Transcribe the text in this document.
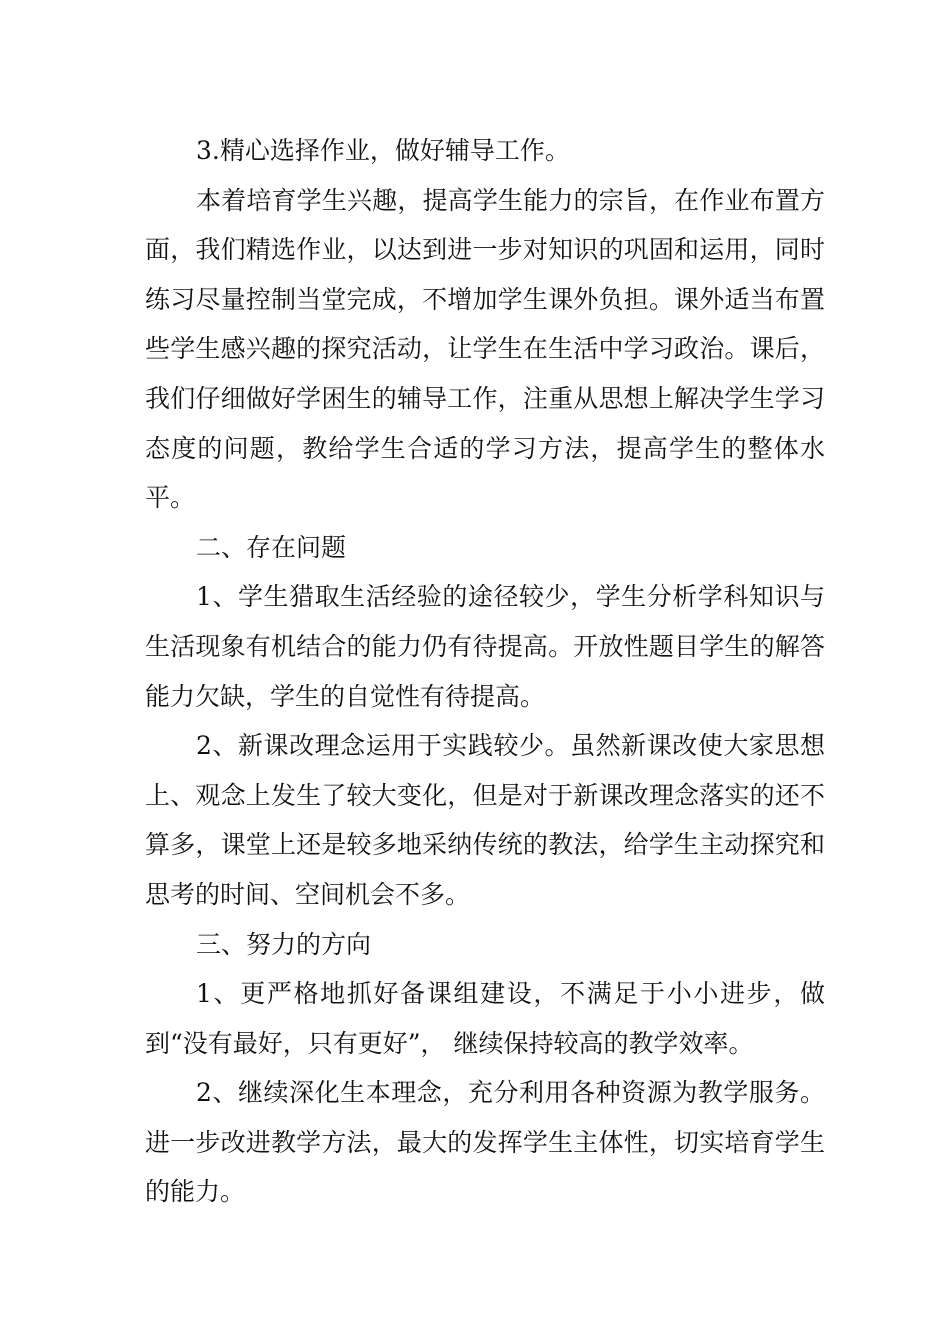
3.精心选择作业，做好辅导工作。

本着培育学生兴趣，提高学生能力的宗旨，在作业布置方面，我们精选作业，以达到进一步对知识的巩固和运用，同时练习尽量控制当堂完成，不增加学生课外负担。课外适当布置些学生感兴趣的探究活动，让学生在生活中学习政治。课后，我们仔细做好学困生的辅导工作，注重从思想上解决学生学习态度的问题，教给学生合适的学习方法，提高学生的整体水平。

二、存在问题

1、学生猎取生活经验的途径较少，学生分析学科知识与生活现象有机结合的能力仍有待提高。开放性题目学生的解答能力欠缺，学生的自觉性有待提高。

2、新课改理念运用于实践较少。虽然新课改使大家思想上、观念上发生了较大变化，但是对于新课改理念落实的还不算多，课堂上还是较多地采纳传统的教法，给学生主动探究和思考的时间、空间机会不多。

三、努力的方向

1、更严格地抓好备课组建设，不满足于小小进步，做到“没有最好，只有更好”， 继续保持较高的教学效率。

2、继续深化生本理念，充分利用各种资源为教学服务。进一步改进教学方法，最大的发挥学生主体性，切实培育学生的能力。
